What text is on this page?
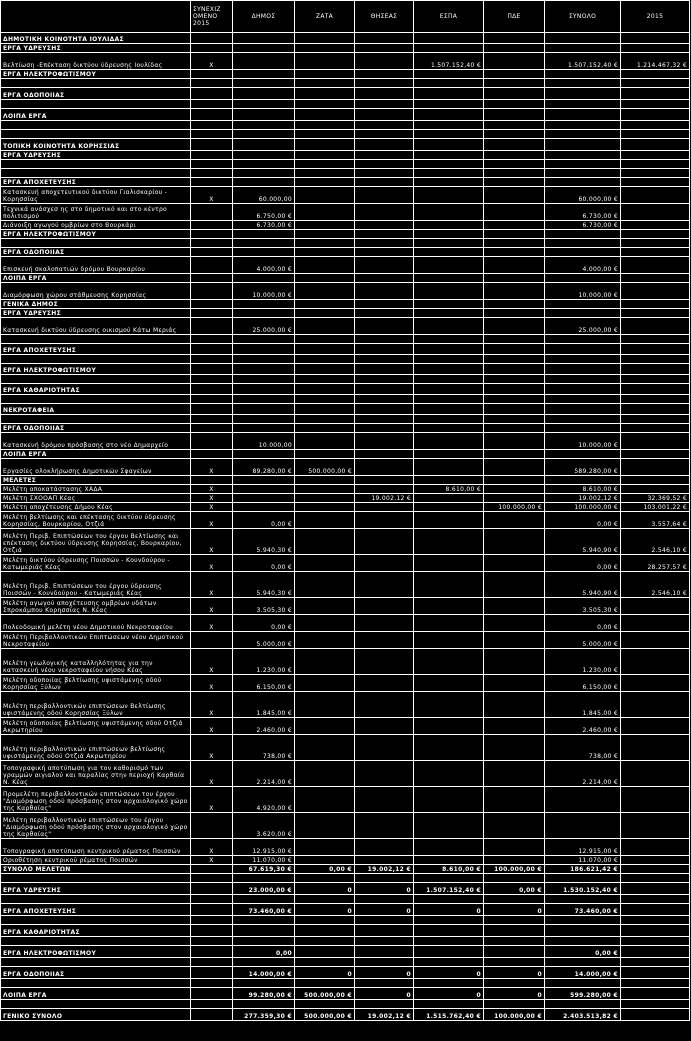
	ΣΥΝΕΧΙΖ ΟΜΕΝΟ 2015	ΔΗΜΟΣ	ΖΑΤΑ	ΘΗΣΕΑΣ	ΕΣΠΑ	ΠΔΕ	ΣΥΝΟΛΟ	2015
ΔΗΜΟΤΙΚΗ ΚΟΙΝΟΤΗΤΑ ΙΟΥΛΙΔΑΣ								
ΕΡΓΑ ΥΔΡΕΥΣΗΣ								
Βελτίωση -Επέκταση δικτύου ύδρευσης Ιουλίδας	X				1.507.152,40 €		1.507.152,40 €	1.214.467,32 €
ΕΡΓΑ ΗΛΕΚΤΡΟΦΩΤΙΣΜΟΥ								

ΕΡΓΑ ΟΔΟΠΟΙΙΑΣ								

ΛΟΙΠΑ ΕΡΓΑ								

ΤΟΠΙΚΗ ΚΟΙΝΟΤΗΤΑ ΚΟΡΗΣΣΙΑΣ								
ΕΡΓΑ ΥΔΡΕΥΣΗΣ								

ΕΡΓΑ ΑΠΟΧΕΤΕΥΣΗΣ								
Κατασκευή αποχετευτικού δικτύου Γιαλισκαρίου - Κορησσίας	X	60.000,00					60.000,00 €	
Τεχνικά ανάσχεσ ης στο δημοτικό και στο κέντρο πολιτισμού		6.750,00 €					6.730,00 €	
Διάνοιξη αγωγού ομβρίων στο Βουρκάρι		6.730,00 €					6.730,00 €	
ΕΡΓΑ ΗΛΕΚΤΡΟΦΩΤΙΣΜΟΥ								

ΕΡΓΑ ΟΔΟΠΟΙΙΑΣ								
Επισκευή σκαλοπατιών δρόμου Βουρκαρίου		4.000,00 €					4.000,00 €	
ΛΟΙΠΑ ΕΡΓΑ								
Διαμόρφωση χώρου στάθμευσης Κορησσίας		10.000,00 €					10.000,00 €	
ΓΕΝΙΚΑ ΔΗΜΟΣ								
ΕΡΓΑ ΥΔΡΕΥΣΗΣ								
Κατασκευή δικτύου ύδρευσης οικισμού Κάτω Μεριάς		25.000,00 €					25.000,00 €	

ΕΡΓΑ ΑΠΟΧΕΤΕΥΣΗΣ								

ΕΡΓΑ ΗΛΕΚΤΡΟΦΩΤΙΣΜΟΥ								

ΕΡΓΑ ΚΑΘΑΡΙΟΤΗΤΑΣ								

ΝΕΚΡΟΤΑΦΕΙΑ								

ΕΡΓΑ ΟΔΟΠΟΙΙΑΣ								
Κατασκευή δρόμου πρόσβασης στο νέο Δημαρχείο		10.000,00					10.000,00 €	
ΛΟΙΠΑ ΕΡΓΑ								
Εργασίες ολοκλήρωσης Δημοτικών Σφαγείων	X	89.280,00 €	500.000,00 €				589.280,00 €	
ΜΕΛΕΤΕΣ								
Μελέτη αποκατάστασης ΧΑΔΑ	X				8.610,00 €		8.610,00 €	
Μελέτη ΣΧΟΟΑΠ Κέας	X			19.002,12 €			19.002,12 €	32.369,52 €
Μελέτη αποχέτευσης Δήμου Κέας	X					100.000,00 €	100.000,00 €	103.001,22 €
Μελέτη βελτίωσης και επέκτασης δικτύου ύδρευσης Κορησσίας, Βουρκαρίου, Οτζιά	X	0,00 €					0,00 €	3.557,64 €
Μελέτη Περιβ. Επιπτώσεων του έργου Βελτίωσης και επέκτασης δικτύου ύδρευσης Κορησσίας, Βουρκαρίου, Οτζιά	X	5.940,30 €					5.940,90 €	2.546,10 €
Μελέτη δικτύου ύδρευσης Ποισσών - Κουνδούρου - Κατωμεριάς Κέας	X	0,00 €					0,00 €	28.257,57 €
Μελέτη Περιβ. Επιπτώσεων του έργου ύδρευσης Ποισσών - Κουνδούρου - Κατωμεριάς Κέας	X	5.940,30 €					5.940,90 €	2.546,10 €
Μελέτη αγωγού αποχέτευσης ομβρίων υδάτων Σπροκάμπου Κορησσίας Ν. Κέας	X	3.505,30 €					3.505,30 €	
Πολεοδομική μελέτη νέου Δημοτικού Νεκροταφείου	X	0,00 €					0,00 €	
Μελέτη Περιβαλλοντικών Επιπτώσεων νέου Δημοτικού Νεκροταφείου		5.000,00 €					5.000,00 €	
Μελέτη γεωλογικής καταλληλότητας για την κατασκευή νέου νεκροταφείου νήσου Κέας	X	1.230,00 €					1.230,00 €	
Μελέτη οδοποιίας βελτίωσης υφιστάμενης οδού Κορησσίας Ξύλων	X	6.150,00 €					6.150,00 €	
Μελέτη περιβαλλοντικών επιπτώσεων Βελτίωσης υφιστάμενης οδού Κορησσίας Ξύλων	X	1.845,00 €					1.845,00 €	
Μελέτη οδοποιίας βελτίωσης υφιστάμενης οδού Οτζιά Ακρωτηρίου	X	2.460,00 €					2.460,00 €	
Μελέτη περιβαλλοντικών επιπτώσεων βελτίωσης υφιστάμενης οδού Οτζιά Ακρωτηρίου	X	738,00 €					738,00 €	
Τοπογραφική αποτύπωση για τον καθορισμό των γραμμών αιγιαλού και παραλίας στην περιοχή Καρθαία Ν. Κέας	X	2.214,00 €					2.214,00 €	
Προμελέτη περιβαλλοντικών επιπτώσεων του έργου "Διαμόρφωση οδού πρόσβασης στον αρχαιολογικό χώρο της Καρθαίας"	X	4.920,00 €						
Μελέτη περιβαλλοντικών επιπτώσεων του έργου "Διαμόρφωση οδού πρόσβασης στον αρχαιολογικό χώρο της Καρθαίας"		3.620,00 €						
Τοπογραφική αποτύπωση κεντρικού ρέματος Ποισσών	X	12.915,00 €					12.915,00 €	
Οριοθέτηση κεντρικού ρέματος Ποισσών	X	11.070,00 €					11.070,00 €	
ΣΥΝΟΛΟ ΜΕΛΕΤΩΝ		67.619,30 €	0,00 €	19.002,12 €	8.610,00 €	100.000,00 €	186.621,42 €	

ΕΡΓΑ ΥΔΡΕΥΣΗΣ		23.000,00 €	0	0	1.507.152,40 €	0,00 €	1.530.152,40 €	

ΕΡΓΑ ΑΠΟΧΕΤΕΥΣΗΣ		73.460,00 €	0	0	0	0	73.460,00 €	

ΕΡΓΑ ΚΑΘΑΡΙΟΤΗΤΑΣ								

ΕΡΓΑ ΗΛΕΚΤΡΟΦΩΤΙΣΜΟΥ		0,00					0,00 €	

ΕΡΓΑ ΟΔΟΠΟΙΙΑΣ		14.000,00 €	0	0	0	0	14.000,00 €	

ΛΟΙΠΑ ΕΡΓΑ		99.280,00 €	500.000,00 €	0	0	0	599.280,00 €	

ΓΕΝΙΚΟ ΣΥΝΟΛΟ		277.359,30 €	500.000,00 €	19.002,12 €	1.515.762,40 €	100.000,00 €	2.403.513,82 €	
